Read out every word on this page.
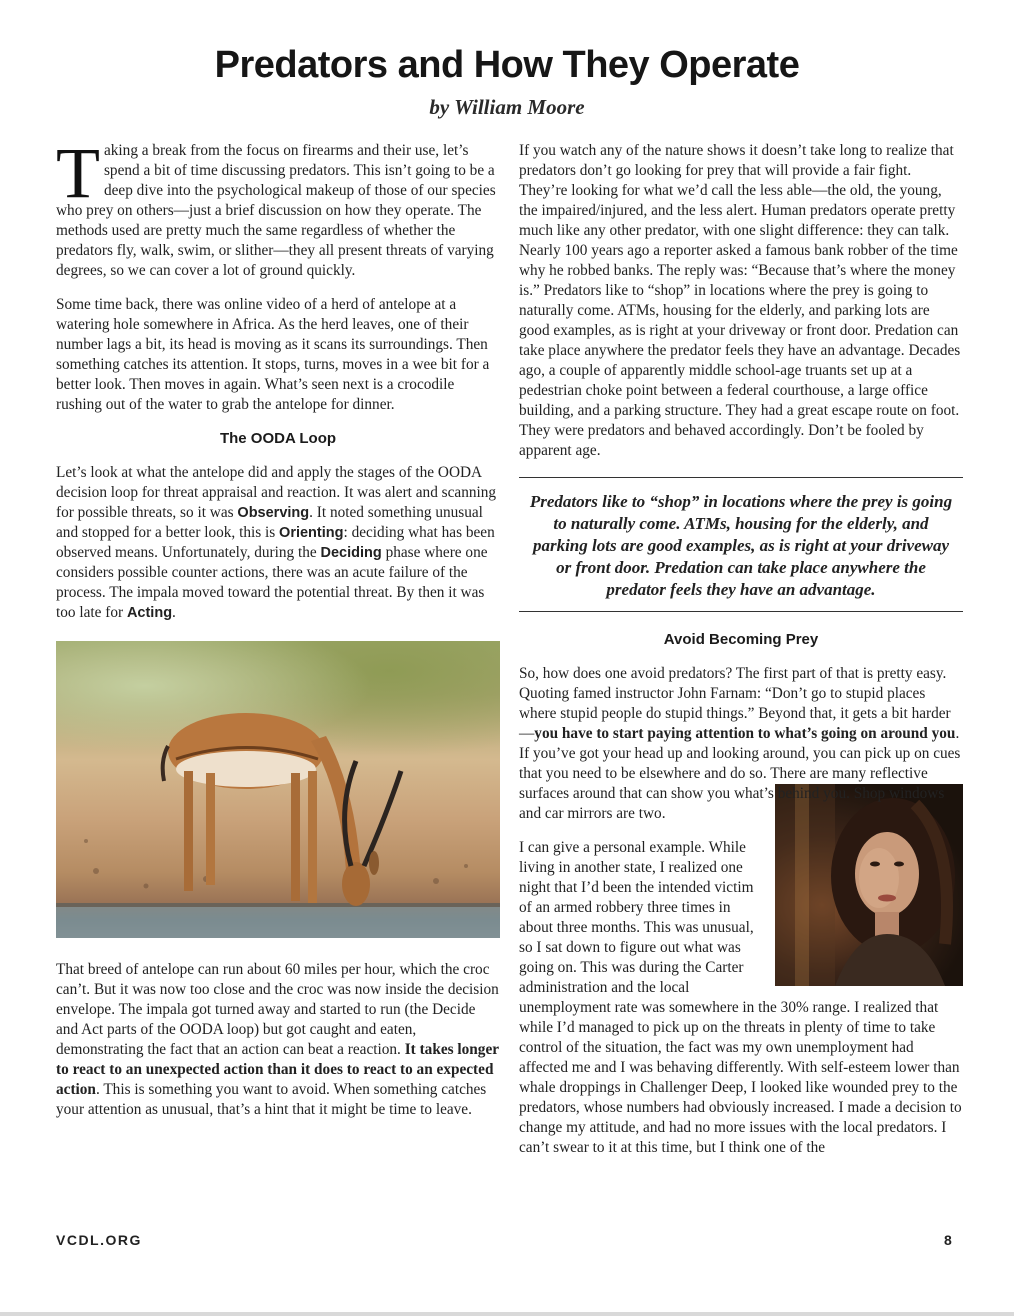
Predators and How They Operate
by William Moore

Taking a break from the focus on firearms and their use, let’s spend a bit of time discussing predators. This isn’t going to be a deep dive into the psychological makeup of those of our species who prey on others—just a brief discussion on how they operate. The methods used are pretty much the same regardless of whether the predators fly, walk, swim, or slither—they all present threats of varying degrees, so we can cover a lot of ground quickly.

Some time back, there was online video of a herd of antelope at a watering hole somewhere in Africa. As the herd leaves, one of their number lags a bit, its head is moving as it scans its surroundings. Then something catches its attention. It stops, turns, moves in a wee bit for a better look. Then moves in again. What’s seen next is a crocodile rushing out of the water to grab the antelope for dinner.

The OODA Loop

Let’s look at what the antelope did and apply the stages of the OODA decision loop for threat appraisal and reaction. It was alert and scanning for possible threats, so it was Observing. It noted something unusual and stopped for a better look, this is Orienting: deciding what has been observed means. Unfortunately, during the Deciding phase where one considers possible counter actions, there was an acute failure of the process. The impala moved toward the potential threat. By then it was too late for Acting.

That breed of antelope can run about 60 miles per hour, which the croc can’t. But it was now too close and the croc was now inside the decision envelope. The impala got turned away and started to run (the Decide and Act parts of the OODA loop) but got caught and eaten, demonstrating the fact that an action can beat a reaction. It takes longer to react to an unexpected action than it does to react to an expected action. This is something you want to avoid. When something catches your attention as unusual, that’s a hint that it might be time to leave.

If you watch any of the nature shows it doesn’t take long to realize that predators don’t go looking for prey that will provide a fair fight. They’re looking for what we’d call the less able—the old, the young, the impaired/injured, and the less alert. Human predators operate pretty much like any other predator, with one slight difference: they can talk. Nearly 100 years ago a reporter asked a famous bank robber of the time why he robbed banks. The reply was: “Because that’s where the money is.” Predators like to “shop” in locations where the prey is going to naturally come. ATMs, housing for the elderly, and parking lots are good examples, as is right at your driveway or front door. Predation can take place anywhere the predator feels they have an advantage. Decades ago, a couple of apparently middle school-age truants set up at a pedestrian choke point between a federal courthouse, a large office building, and a parking structure. They had a great escape route on foot. They were predators and behaved accordingly. Don’t be fooled by apparent age.

Predators like to “shop” in locations where the prey is going to naturally come. ATMs, housing for the elderly, and parking lots are good examples, as is right at your driveway or front door. Predation can take place anywhere the predator feels they have an advantage.
Avoid Becoming Prey

So, how does one avoid predators? The first part of that is pretty easy. Quoting famed instructor John Farnam: “Don’t go to stupid places where stupid people do stupid things.” Beyond that, it gets a bit harder—you have to start paying attention to what’s going on around you. If you’ve got your head up and looking around, you can pick up on cues that you need to be elsewhere and do so. There are many reflective surfaces around that can show you what’s behind you. Shop windows and car mirrors are two.

I can give a personal example. While living in another state, I realized one night that I’d been the intended victim of an armed robbery three times in about three months. This was unusual, so I sat down to figure out what was going on. This was during the Carter administration and the local unemployment rate was somewhere in the 30% range. I realized that while I’d managed to pick up on the threats in plenty of time to take control of the situation, the fact was my own unemployment had affected me and I was behaving differently. With self-esteem lower than whale droppings in Challenger Deep, I looked like wounded prey to the predators, whose numbers had obviously increased. I made a decision to change my attitude, and had no more issues with the local predators. I can’t swear to it at this time, but I think one of the

VCDL.ORG	8
